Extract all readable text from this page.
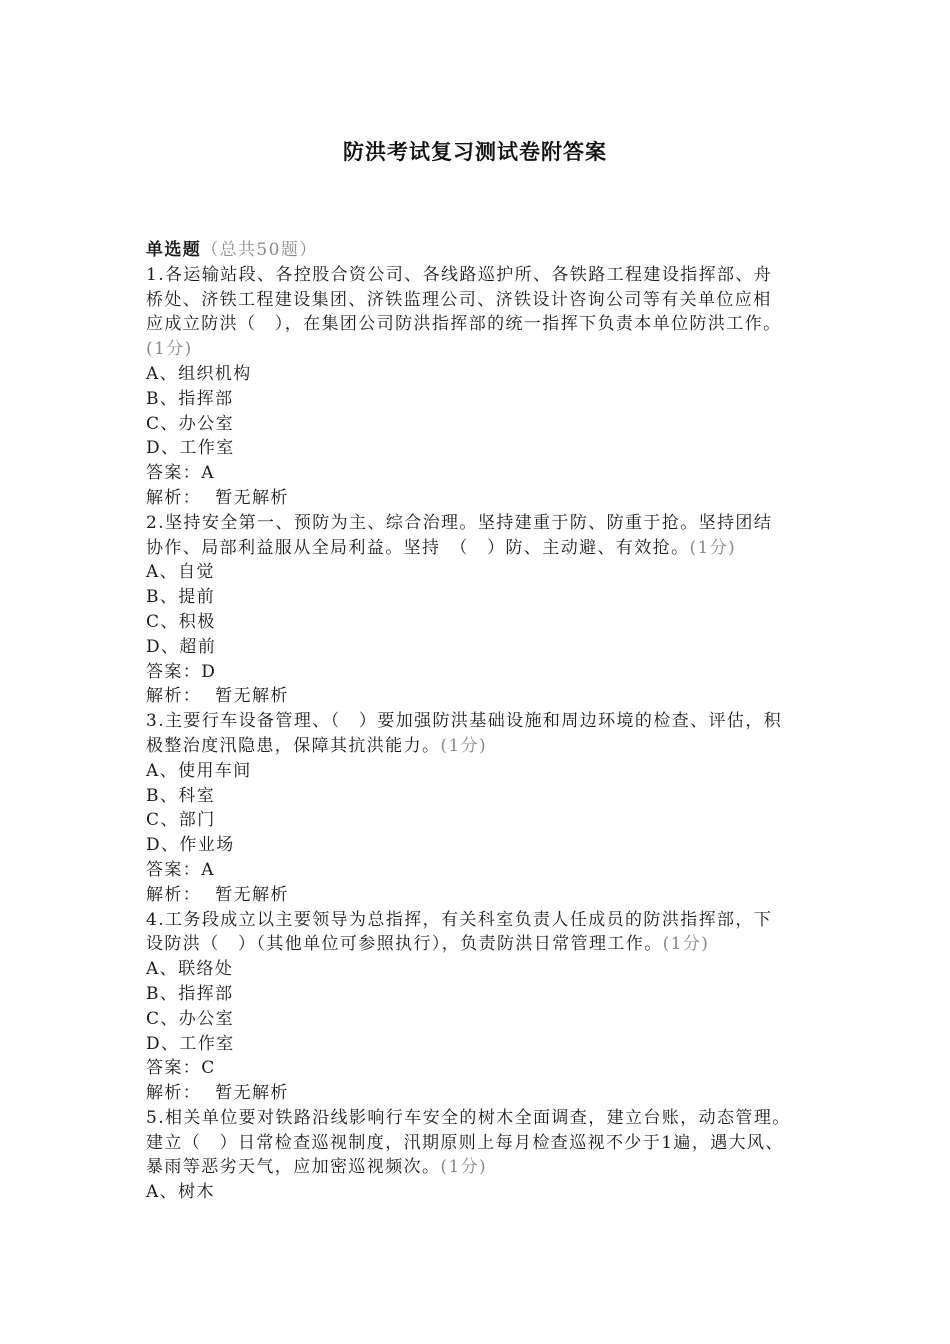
防洪考试复习测试卷附答案
单选题（总共50题）
1.各运输站段、各控股合资公司、各线路巡护所、各铁路工程建设指挥部、舟
桥处、济铁工程建设集团、济铁监理公司、济铁设计咨询公司等有关单位应相
应成立防洪（　），在集团公司防洪指挥部的统一指挥下负责本单位防洪工作。
(1分)
A、组织机构
B、指挥部
C、办公室
D、工作室
答案：A
解析： 暂无解析
2.坚持安全第一、预防为主、综合治理。坚持建重于防、防重于抢。坚持团结
协作、局部利益服从全局利益。坚持　（　）防、主动避、有效抢。(1分)
A、自觉
B、提前
C、积极
D、超前
答案：D
解析： 暂无解析
3.主要行车设备管理、（　）要加强防洪基础设施和周边环境的检查、评估，积
极整治度汛隐患，保障其抗洪能力。(1分)
A、使用车间
B、科室
C、部门
D、作业场
答案：A
解析： 暂无解析
4.工务段成立以主要领导为总指挥，有关科室负责人任成员的防洪指挥部，下
设防洪（　）（其他单位可参照执行），负责防洪日常管理工作。(1分)
A、联络处
B、指挥部
C、办公室
D、工作室
答案：C
解析： 暂无解析
5.相关单位要对铁路沿线影响行车安全的树木全面调查，建立台账，动态管理。
建立（　）日常检查巡视制度，汛期原则上每月检查巡视不少于1遍，遇大风、
暴雨等恶劣天气，应加密巡视频次。(1分)
A、树木
